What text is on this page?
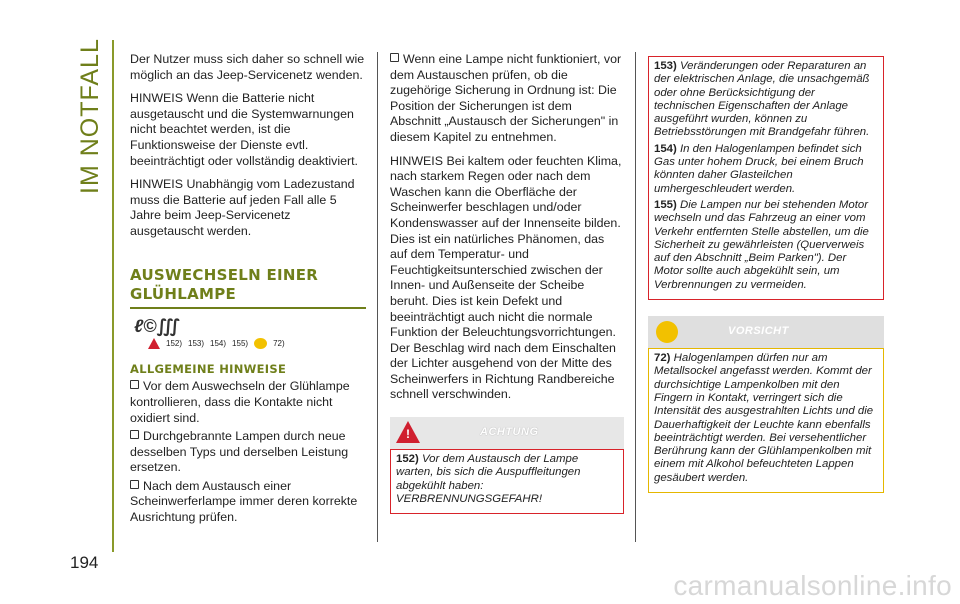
IM NOTFALL
194

Der Nutzer muss sich daher so schnell wie möglich an das Jeep-Servicenetz wenden.

HINWEIS Wenn die Batterie nicht ausgetauscht und die Systemwarnungen nicht beachtet werden, ist die Funktionsweise der Dienste evtl. beeinträchtigt oder vollständig deaktiviert.

HINWEIS Unabhängig vom Ladezustand muss die Batterie auf jeden Fall alle 5 Jahre beim Jeep-Servicenetz ausgetauscht werden.

AUSWECHSELN EINER GLÜHLAMPE
ℓ©∭
152) 153) 154) 155)	72)
ALLGEMEINE HINWEISE

Vor dem Auswechseln der Glühlampe kontrollieren, dass die Kontakte nicht oxidiert sind.

Durchgebrannte Lampen durch neue desselben Typs und derselben Leistung ersetzen.

Nach dem Austausch einer Scheinwerferlampe immer deren korrekte Ausrichtung prüfen.

Wenn eine Lampe nicht funktioniert, vor dem Austauschen prüfen, ob die zugehörige Sicherung in Ordnung ist: Die Position der Sicherungen ist dem Abschnitt „Austausch der Sicherungen" in diesem Kapitel zu entnehmen.

HINWEIS Bei kaltem oder feuchten Klima, nach starkem Regen oder nach dem Waschen kann die Oberfläche der Scheinwerfer beschlagen und/oder Kondenswasser auf der Innenseite bilden. Dies ist ein natürliches Phänomen, das auf dem Temperatur- und Feuchtigkeitsunterschied zwischen der Innen- und Außenseite der Scheibe beruht. Dies ist kein Defekt und beeinträchtigt auch nicht die normale Funktion der Beleuchtungsvorrichtungen. Der Beschlag wird nach dem Einschalten der Lichter ausgehend von der Mitte des Scheinwerfers in Richtung Randbereiche schnell verschwinden.

!
ACHTUNG
152) Vor dem Austausch der Lampe warten, bis sich die Auspuffleitungen abgekühlt haben: VERBRENNUNGSGEFAHR!
153) Veränderungen oder Reparaturen an der elektrischen Anlage, die unsachgemäß oder ohne Berücksichtigung der technischen Eigenschaften der Anlage ausgeführt wurden, können zu Betriebsstörungen mit Brandgefahr führen.
154) In den Halogenlampen befindet sich Gas unter hohem Druck, bei einem Bruch könnten daher Glasteilchen umhergeschleudert werden.
155) Die Lampen nur bei stehenden Motor wechseln und das Fahrzeug an einer vom Verkehr entfernten Stelle abstellen, um die Sicherheit zu gewährleisten (Querverweis auf den Abschnitt „Beim Parken"). Der Motor sollte auch abgekühlt sein, um Verbrennungen zu vermeiden.
VORSICHT
72) Halogenlampen dürfen nur am Metallsockel angefasst werden. Kommt der durchsichtige Lampenkolben mit den Fingern in Kontakt, verringert sich die Intensität des ausgestrahlten Lichts und die Dauerhaftigkeit der Leuchte kann ebenfalls beeinträchtigt werden. Bei versehentlicher Berührung kann der Glühlampenkolben mit einem mit Alkohol befeuchteten Lappen gesäubert werden.
carmanualsonline.info
